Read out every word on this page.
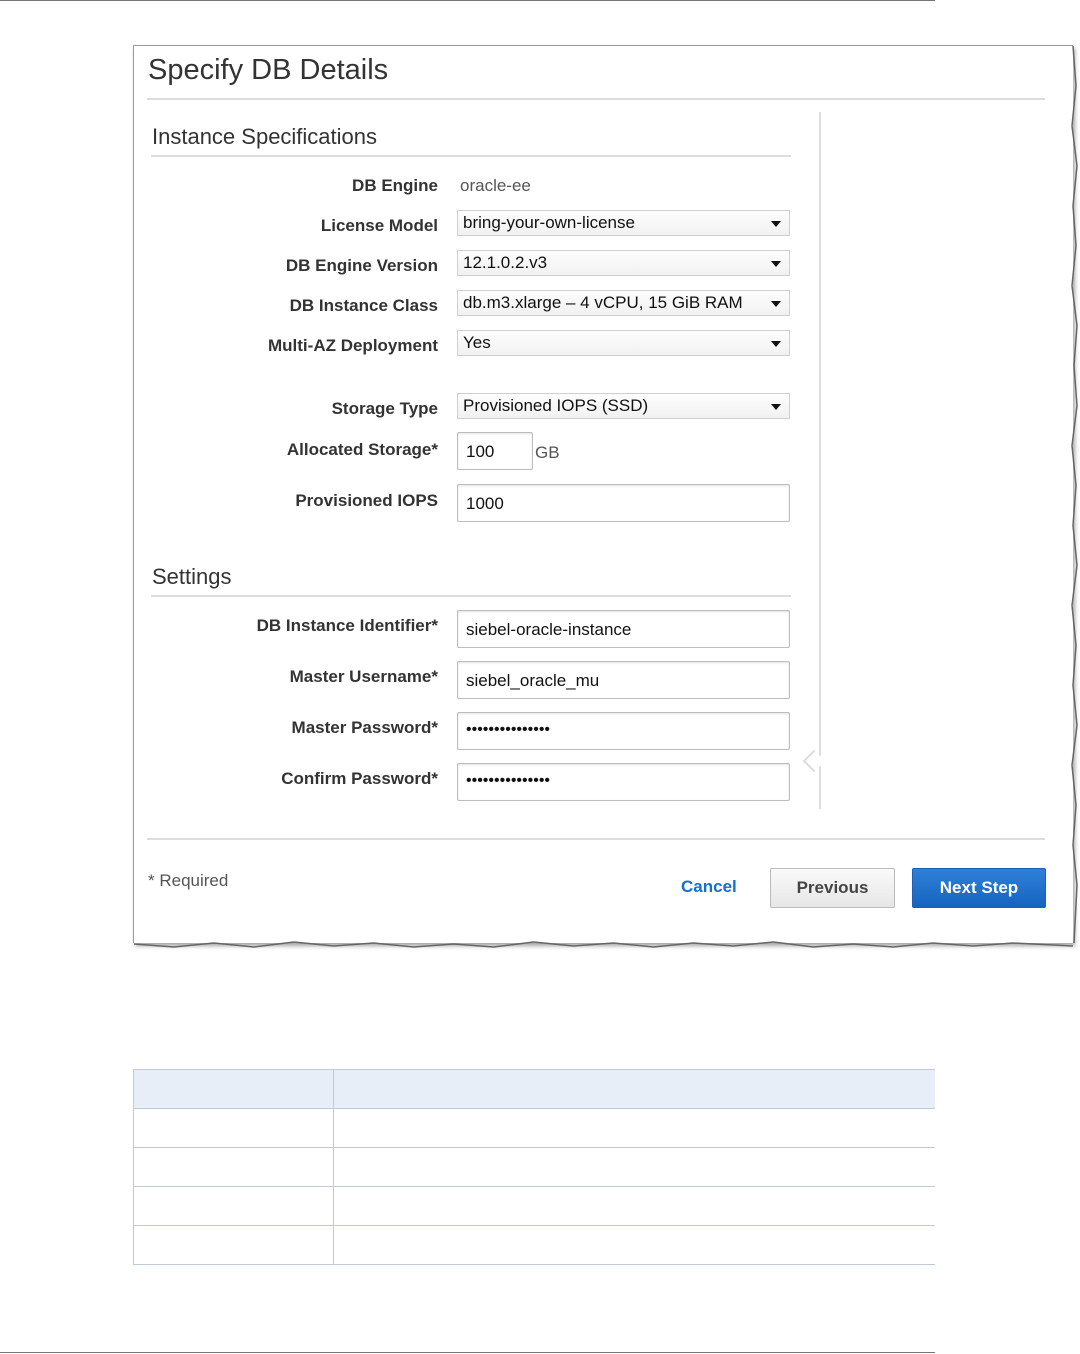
Specify DB Details
Instance Specifications
DB Engine oracle-ee
License Model	bring-your-own-license
DB Engine Version	12.1.0.2.v3
DB Instance Class	db.m3.xlarge – 4 vCPU, 15 GiB RAM
Multi-AZ Deployment	Yes
Storage Type	Provisioned IOPS (SSD)
Allocated Storage*	100	GB
Provisioned IOPS	1000
Settings
DB Instance Identifier*	siebel-oracle-instance
Master Username*	siebel_oracle_mu
Master Password*	•••••••••••••••
Confirm Password*	•••••••••••••••
* Required	Cancel	Previous	Next Step
